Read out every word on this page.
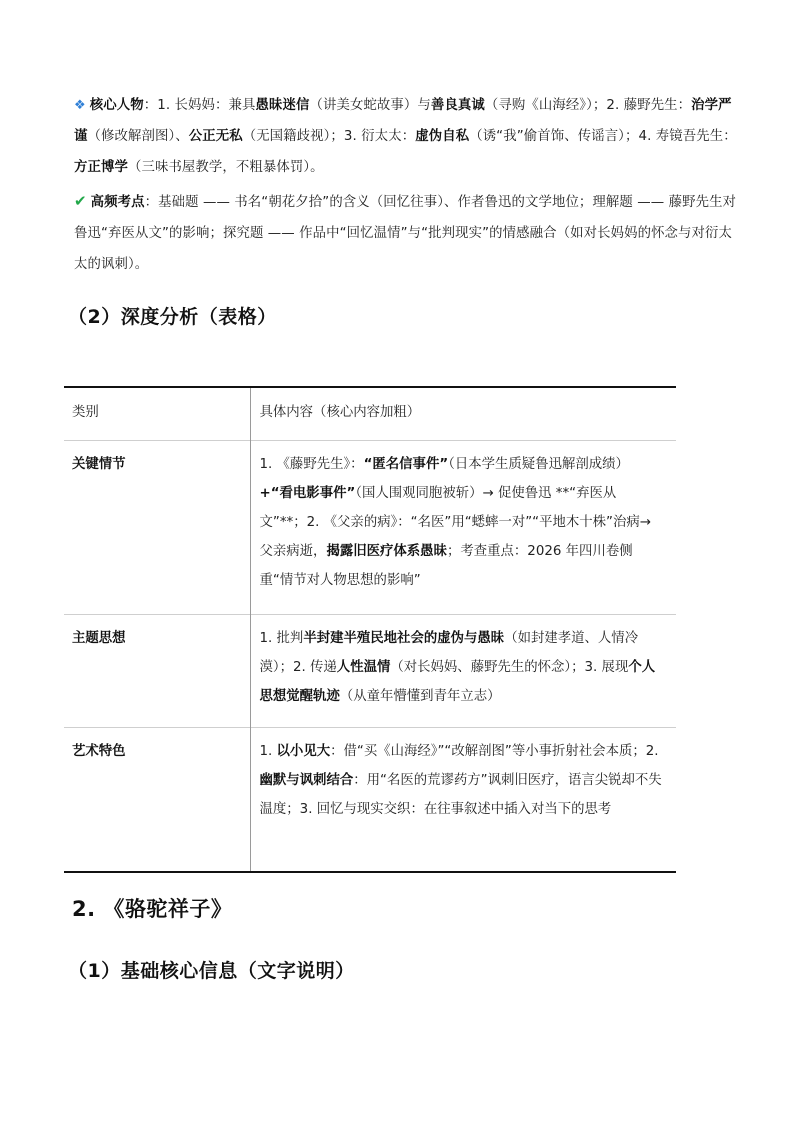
❖ 核心人物：1. 长妈妈：兼具愚昧迷信（讲美女蛇故事）与善良真诚（寻购《山海经》）；2. 藤野先生：治学严谨（修改解剖图）、公正无私（无国籍歧视）；3. 衍太太：虚伪自私（诱“我”偷首饰、传谣言）；4. 寿镜吾先生：方正博学（三味书屋教学，不粗暴体罚）。
✔ 高频考点：基础题 —— 书名“朝花夕拾”的含义（回忆往事）、作者鲁迅的文学地位；理解题 —— 藤野先生对鲁迅“弃医从文”的影响；探究题 —— 作品中“回忆温情”与“批判现实”的情感融合（如对长妈妈的怀念与对衍太太的讽刺）。
（2）深度分析（表格）
类别	具体内容（核心内容加粗）
关键情节	1. 《藤野先生》：“匿名信事件”（日本学生质疑鲁迅解剖成绩）+“看电影事件”（国人围观同胞被斩）→ 促使鲁迅 **“弃医从文”**；2. 《父亲的病》：“名医”用“蟋蟀一对”“平地木十株”治病→ 父亲病逝，揭露旧医疗体系愚昧；考查重点：2026 年四川卷侧重“情节对人物思想的影响”
主题思想	1. 批判半封建半殖民地社会的虚伪与愚昧（如封建孝道、人情冷漠）；2. 传递人性温情（对长妈妈、藤野先生的怀念）；3. 展现个人思想觉醒轨迹（从童年懵懂到青年立志）
艺术特色	1. 以小见大：借“买《山海经》”“改解剖图”等小事折射社会本质；2. 幽默与讽刺结合：用“名医的荒谬药方”讽刺旧医疗，语言尖锐却不失温度；3. 回忆与现实交织：在往事叙述中插入对当下的思考
2. 《骆驼祥子》
（1）基础核心信息（文字说明）
